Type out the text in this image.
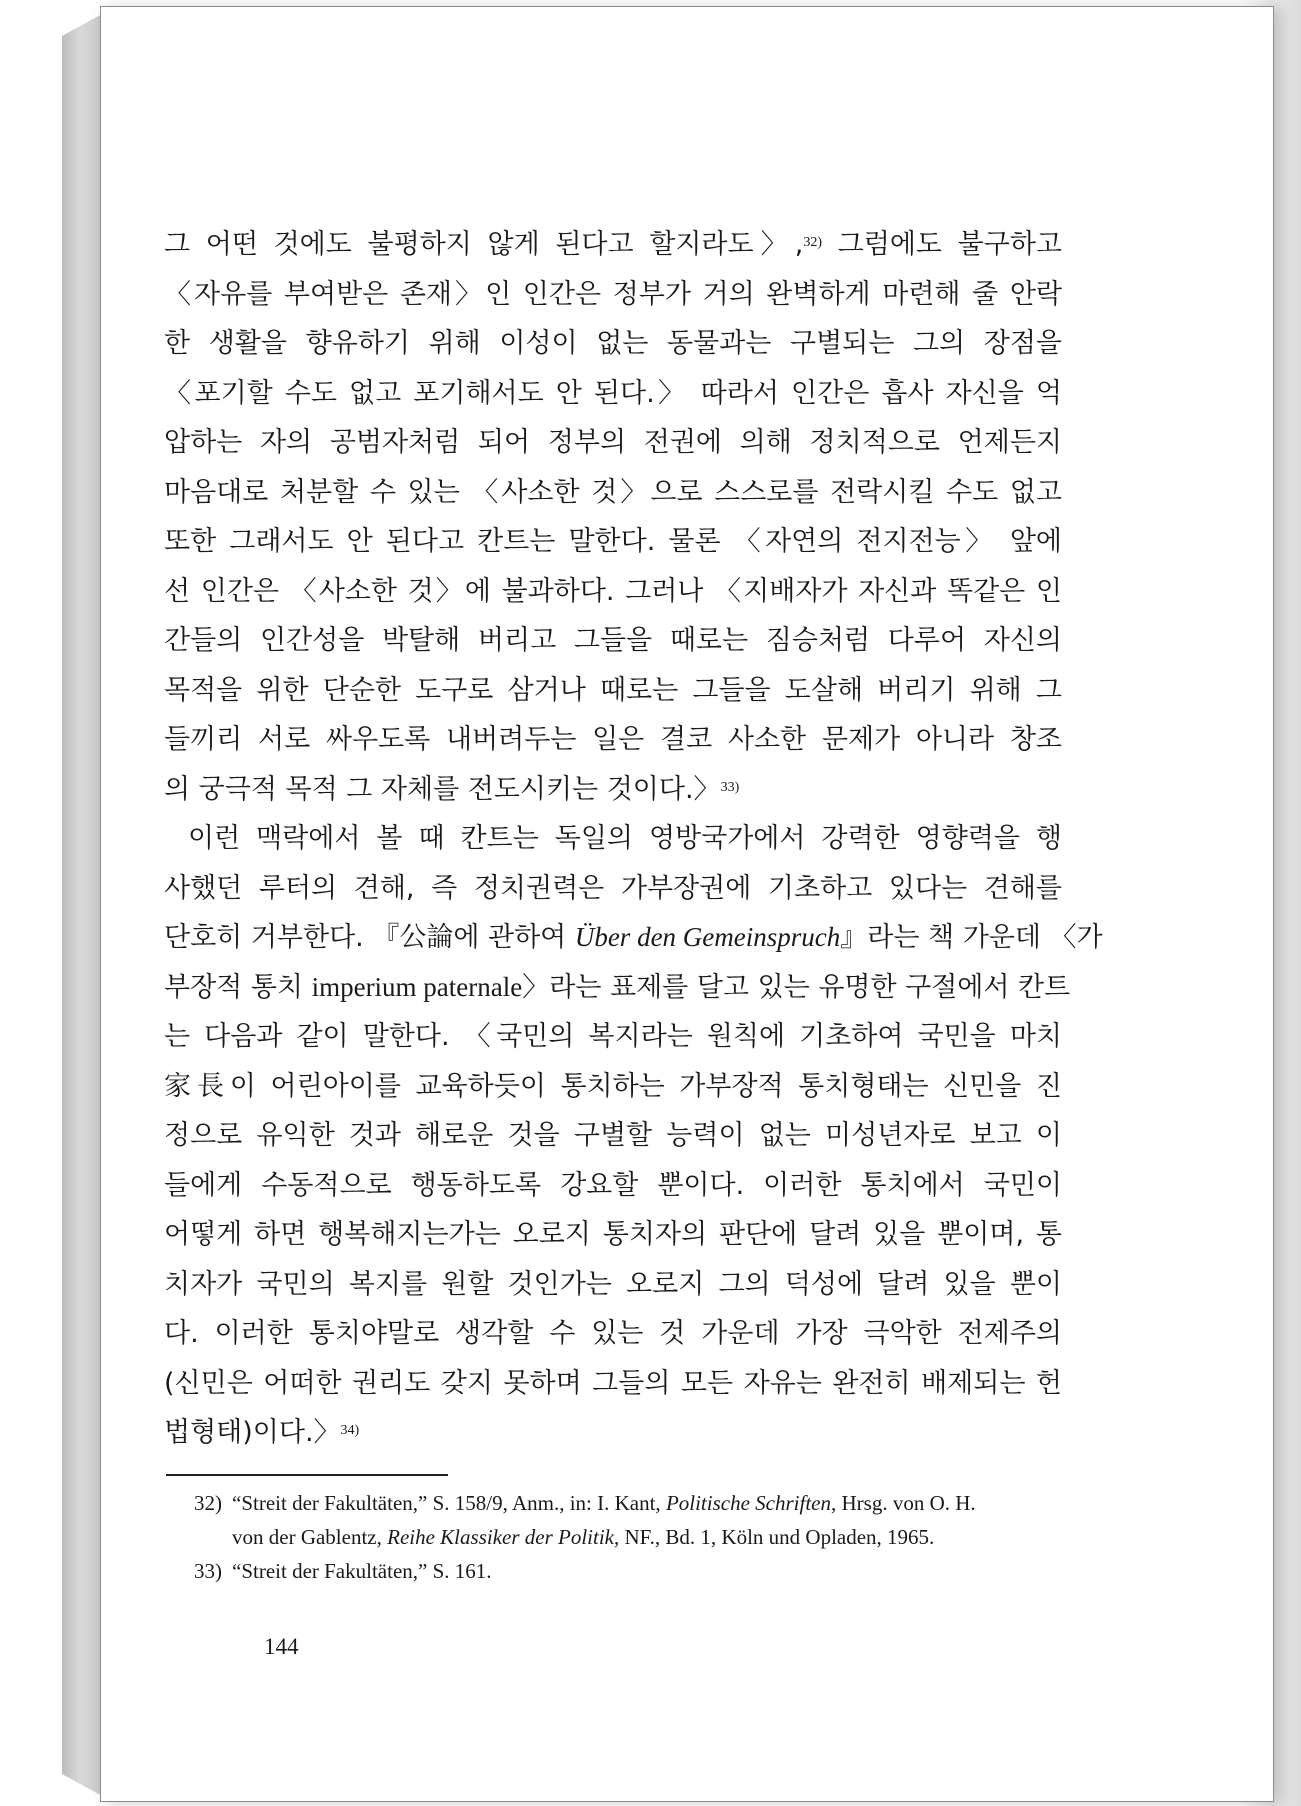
그 어떤 것에도 불평하지 않게 된다고 할지라도〉,$^{32)}$ 그럼에도 불구하고
〈자유를 부여받은 존재〉인 인간은 정부가 거의 완벽하게 마련해 줄 안락
한 생활을 향유하기 위해 이성이 없는 동물과는 구별되는 그의 장점을
〈포기할 수도 없고 포기해서도 안 된다.〉 따라서 인간은 흡사 자신을 억
압하는 자의 공범자처럼 되어 정부의 전권에 의해 정치적으로 언제든지
마음대로 처분할 수 있는 〈사소한 것〉으로 스스로를 전락시킬 수도 없고
또한 그래서도 안 된다고 칸트는 말한다. 물론 〈자연의 전지전능〉 앞에
선 인간은 〈사소한 것〉에 불과하다. 그러나 〈지배자가 자신과 똑같은 인
간들의 인간성을 박탈해 버리고 그들을 때로는 짐승처럼 다루어 자신의
목적을 위한 단순한 도구로 삼거나 때로는 그들을 도살해 버리기 위해 그
들끼리 서로 싸우도록 내버려두는 일은 결코 사소한 문제가 아니라 창조
의 궁극적 목적 그 자체를 전도시키는 것이다.〉$^{33)}$
이런 맥락에서 볼 때 칸트는 독일의 영방국가에서 강력한 영향력을 행
사했던 루터의 견해, 즉 정치권력은 가부장권에 기초하고 있다는 견해를
단호히 거부한다. 『公論에 관하여 Über den Gemeinspruch』라는 책 가운데 〈가
부장적 통치 imperium paternale〉라는 표제를 달고 있는 유명한 구절에서 칸트
는 다음과 같이 말한다. 〈국민의 복지라는 원칙에 기초하여 국민을 마치
家長이 어린아이를 교육하듯이 통치하는 가부장적 통치형태는 신민을 진
정으로 유익한 것과 해로운 것을 구별할 능력이 없는 미성년자로 보고 이
들에게 수동적으로 행동하도록 강요할 뿐이다. 이러한 통치에서 국민이
어떻게 하면 행복해지는가는 오로지 통치자의 판단에 달려 있을 뿐이며, 통
치자가 국민의 복지를 원할 것인가는 오로지 그의 덕성에 달려 있을 뿐이
다. 이러한 통치야말로 생각할 수 있는 것 가운데 가장 극악한 전제주의
(신민은 어떠한 권리도 갖지 못하며 그들의 모든 자유는 완전히 배제되는 헌
법형태)이다.〉$^{34)}$
32) “Streit der Fakultäten,” S. 158/9, Anm., in: I. Kant, Politische Schriften, Hrsg. von O. H.
von der Gablentz, Reihe Klassiker der Politik, NF., Bd. 1, Köln und Opladen, 1965.
33) “Streit der Fakultäten,” S. 161.
144
